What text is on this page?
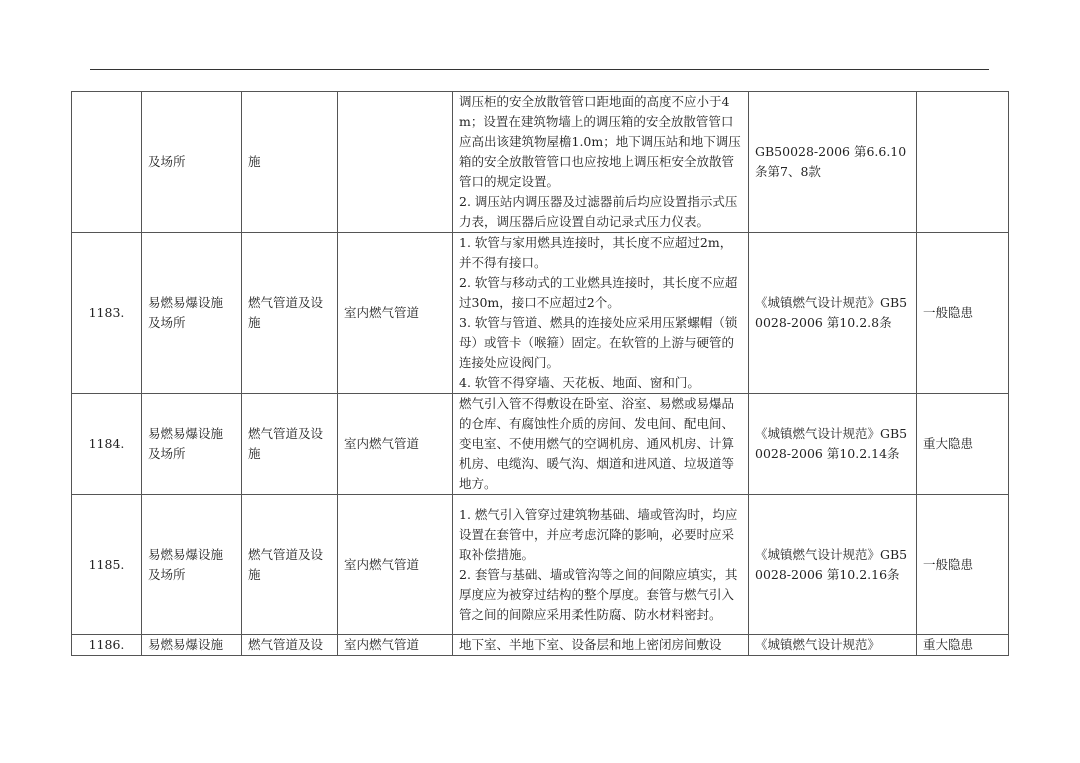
	及场所	施		调压柜的安全放散管管口距地面的高度不应小于4m；设置在建筑物墙上的调压箱的安全放散管管口应高出该建筑物屋檐1.0m；地下调压站和地下调压箱的安全放散管管口也应按地上调压柜安全放散管管口的规定设置。
2. 调压站内调压器及过滤器前后均应设置指示式压力表，调压器后应设置自动记录式压力仪表。	GB50028-2006 第6.6.10条第7、8款	
1183.	易燃易爆设施及场所	燃气管道及设施	室内燃气管道	1. 软管与家用燃具连接时，其长度不应超过2m，并不得有接口。
2. 软管与移动式的工业燃具连接时，其长度不应超过30m，接口不应超过2个。
3. 软管与管道、燃具的连接处应采用压紧螺帽（锁母）或管卡（喉箍）固定。在软管的上游与硬管的连接处应设阀门。
4. 软管不得穿墙、天花板、地面、窗和门。	《城镇燃气设计规范》GB50028-2006 第10.2.8条	一般隐患
1184.	易燃易爆设施及场所	燃气管道及设施	室内燃气管道	燃气引入管不得敷设在卧室、浴室、易燃或易爆品的仓库、有腐蚀性介质的房间、发电间、配电间、变电室、不使用燃气的空调机房、通风机房、计算机房、电缆沟、暖气沟、烟道和进风道、垃圾道等地方。	《城镇燃气设计规范》GB50028-2006 第10.2.14条	重大隐患
1185.	易燃易爆设施及场所	燃气管道及设施	室内燃气管道	1. 燃气引入管穿过建筑物基础、墙或管沟时，均应设置在套管中，并应考虑沉降的影响，必要时应采取补偿措施。
2. 套管与基础、墙或管沟等之间的间隙应填实，其厚度应为被穿过结构的整个厚度。套管与燃气引入管之间的间隙应采用柔性防腐、防水材料密封。	《城镇燃气设计规范》GB50028-2006 第10.2.16条	一般隐患
1186.	易燃易爆设施	燃气管道及设	室内燃气管道	地下室、半地下室、设备层和地上密闭房间敷设	《城镇燃气设计规范》	重大隐患
